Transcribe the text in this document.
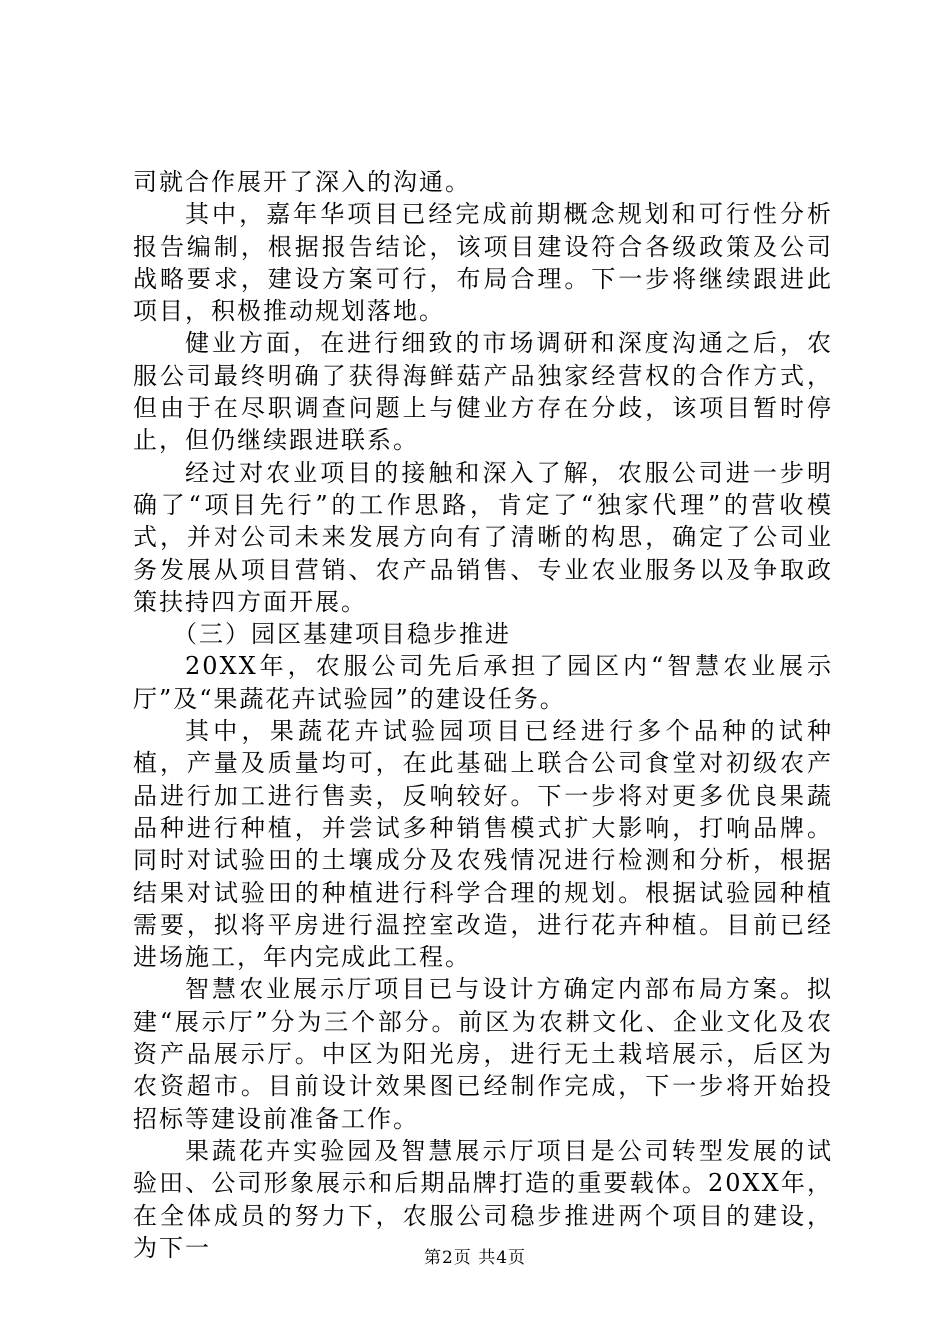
司就合作展开了深入的沟通。

其中，嘉年华项目已经完成前期概念规划和可行性分析报告编制，根据报告结论，该项目建设符合各级政策及公司战略要求，建设方案可行，布局合理。下一步将继续跟进此项目，积极推动规划落地。

健业方面，在进行细致的市场调研和深度沟通之后，农服公司最终明确了获得海鲜菇产品独家经营权的合作方式，但由于在尽职调查问题上与健业方存在分歧，该项目暂时停止，但仍继续跟进联系。

经过对农业项目的接触和深入了解，农服公司进一步明确了“项目先行”的工作思路，肯定了“独家代理”的营收模式，并对公司未来发展方向有了清晰的构思，确定了公司业务发展从项目营销、农产品销售、专业农业服务以及争取政策扶持四方面开展。

（三）园区基建项目稳步推进

20XX年，农服公司先后承担了园区内“智慧农业展示厅”及“果蔬花卉试验园”的建设任务。

其中，果蔬花卉试验园项目已经进行多个品种的试种植，产量及质量均可，在此基础上联合公司食堂对初级农产品进行加工进行售卖，反响较好。下一步将对更多优良果蔬品种进行种植，并尝试多种销售模式扩大影响，打响品牌。同时对试验田的土壤成分及农残情况进行检测和分析，根据结果对试验田的种植进行科学合理的规划。根据试验园种植需要，拟将平房进行温控室改造，进行花卉种植。目前已经进场施工，年内完成此工程。

智慧农业展示厅项目已与设计方确定内部布局方案。拟建“展示厅”分为三个部分。前区为农耕文化、企业文化及农资产品展示厅。中区为阳光房，进行无土栽培展示，后区为农资超市。目前设计效果图已经制作完成，下一步将开始投招标等建设前准备工作。

果蔬花卉实验园及智慧展示厅项目是公司转型发展的试验田、公司形象展示和后期品牌打造的重要载体。20XX年，在全体成员的努力下，农服公司稳步推进两个项目的建设，为下一	第2页 共4页
